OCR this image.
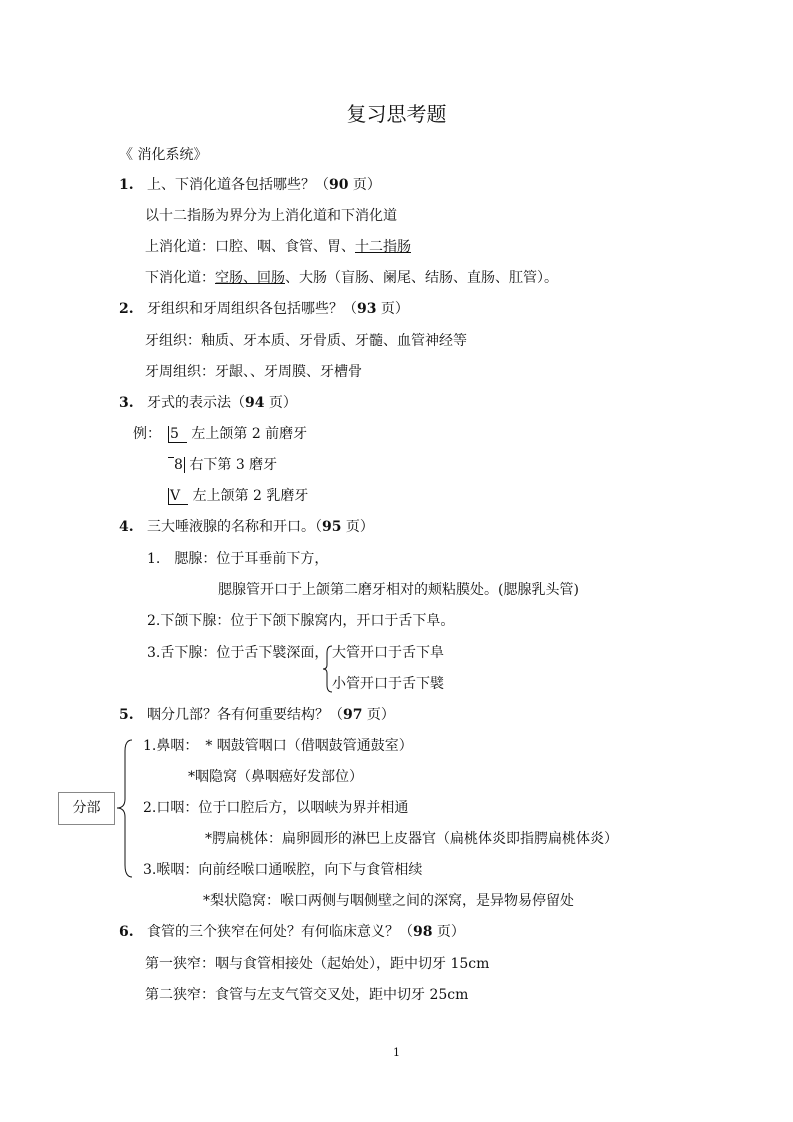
复习思考题
《 消化系统》
1. 上、下消化道各包括哪些？（90 页）
以十二指肠为界分为上消化道和下消化道
上消化道：口腔、咽、食管、胃、十二指肠
下消化道：空肠、回肠、大肠（盲肠、阑尾、结肠、直肠、肛管）。
2. 牙组织和牙周组织各包括哪些？（93 页）
牙组织：釉质、牙本质、牙骨质、牙髓、血管神经等
牙周组织：牙龈、、牙周膜、牙槽骨
3. 牙式的表示法（94 页）
例： 5 左上颌第 2 前磨牙
8 右下第 3 磨牙
V 左上颌第 2 乳磨牙
4. 三大唾液腺的名称和开口。（95 页）
1.　腮腺：位于耳垂前下方，
腮腺管开口于上颌第二磨牙相对的颊粘膜处。(腮腺乳头管)
2.下颌下腺：位于下颌下腺窝内，开口于舌下阜。
3.舌下腺：位于舌下襞深面， 大管开口于舌下阜
小管开口于舌下襞
5. 咽分几部？各有何重要结构？（97 页）
分部
1.鼻咽：　* 咽鼓管咽口（借咽鼓管通鼓室）
*咽隐窝（鼻咽癌好发部位）
2.口咽：位于口腔后方，以咽峡为界并相通
*腭扁桃体：扁卵圆形的淋巴上皮器官（扁桃体炎即指腭扁桃体炎）
3.喉咽：向前经喉口通喉腔，向下与食管相续
*梨状隐窝：喉口两侧与咽侧壁之间的深窝，是异物易停留处
6. 食管的三个狭窄在何处？有何临床意义？（98 页）
第一狭窄：咽与食管相接处（起始处），距中切牙 15cm
第二狭窄：食管与左支气管交叉处，距中切牙 25cm
1
